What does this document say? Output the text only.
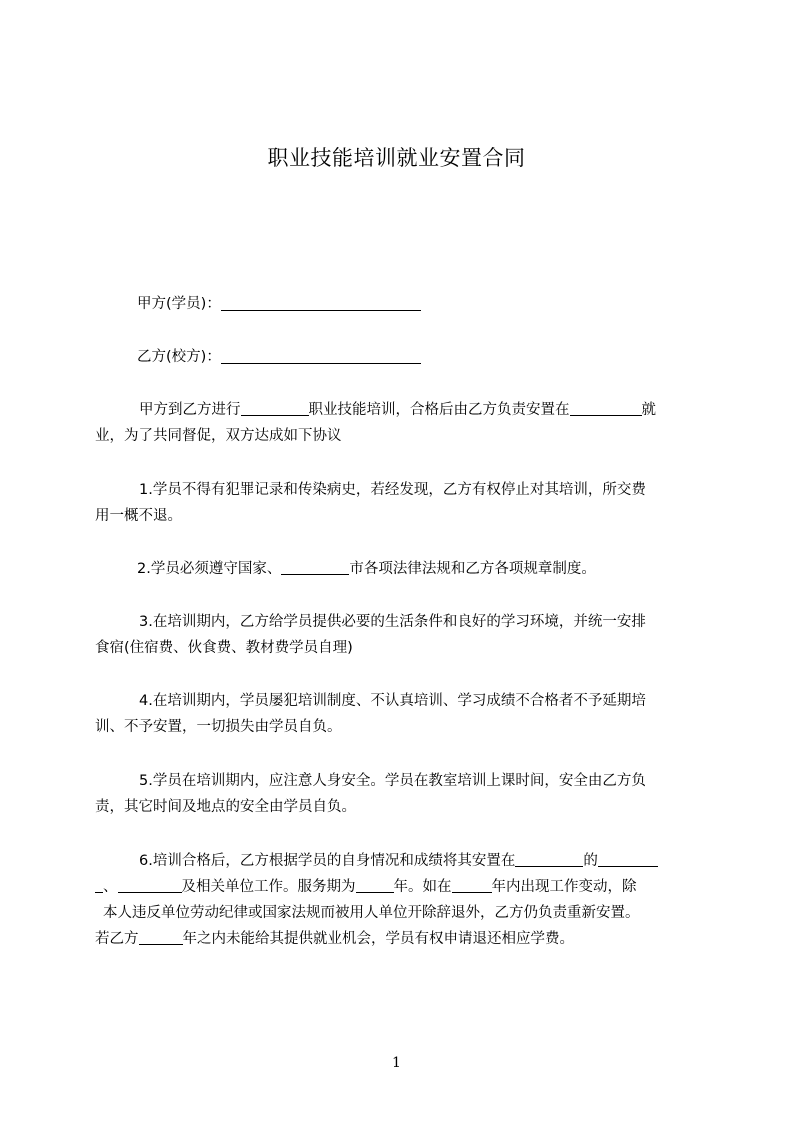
职业技能培训就业安置合同
甲方(学员)：
乙方(校方)：
甲方到乙方进行	职业技能培训，合格后由乙方负责安置在	就
业，为了共同督促，双方达成如下协议
1.学员不得有犯罪记录和传染病史，若经发现，乙方有权停止对其培训，所交费
用一概不退。
2.学员必须遵守国家、	市各项法律法规和乙方各项规章制度。
3.在培训期内，乙方给学员提供必要的生活条件和良好的学习环境，并统一安排
食宿(住宿费、伙食费、教材费学员自理)
4.在培训期内，学员屡犯培训制度、不认真培训、学习成绩不合格者不予延期培
训、不予安置，一切损失由学员自负。
5.学员在培训期内，应注意人身安全。学员在教室培训上课时间，安全由乙方负
责，其它时间及地点的安全由学员自负。
6.培训合格后，乙方根据学员的自身情况和成绩将其安置在	的
、	及相关单位工作。服务期为	年。如在	年内出现工作变动，除
本人违反单位劳动纪律或国家法规而被用人单位开除辞退外，乙方仍负责重新安置。
若乙方	年之内未能给其提供就业机会，学员有权申请退还相应学费。
1
